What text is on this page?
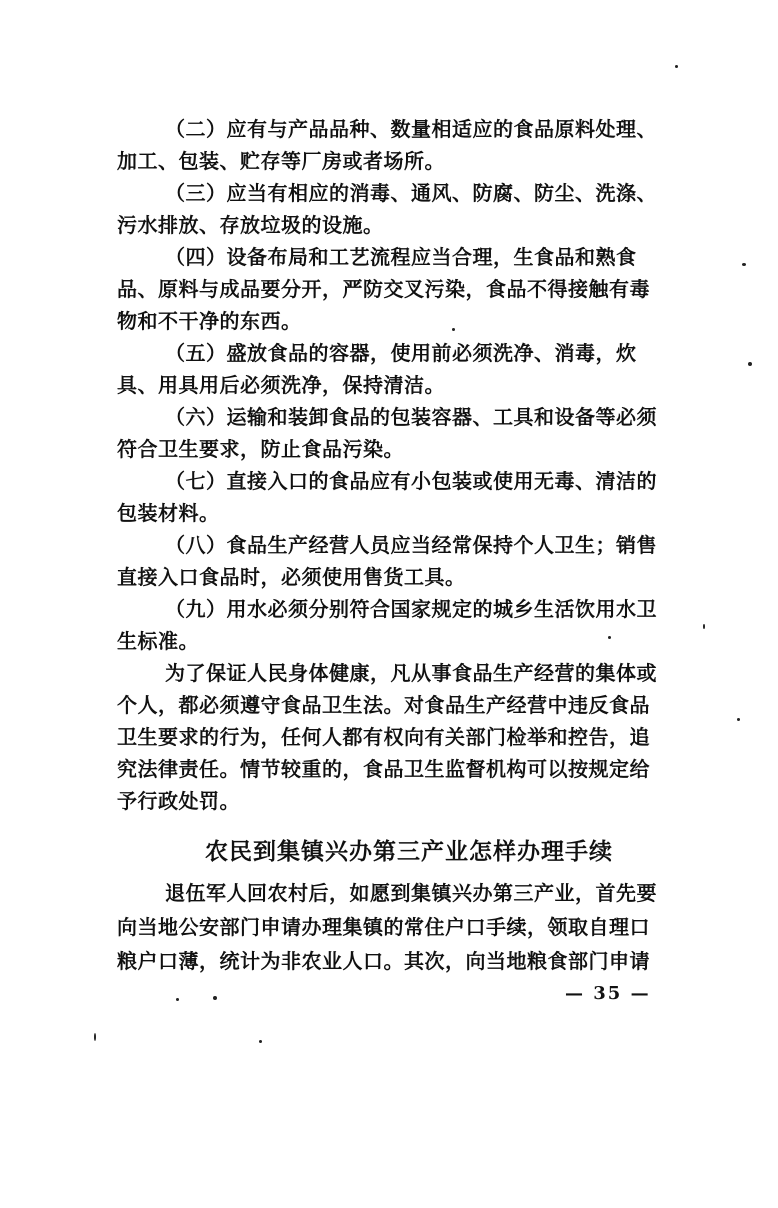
（二）应有与产品品种、数量相适应的食品原料处理、
加工、包装、贮存等厂房或者场所。
（三）应当有相应的消毒、通风、防腐、防尘、洗涤、
污水排放、存放垃圾的设施。
（四）设备布局和工艺流程应当合理，生食品和熟食
品、原料与成品要分开，严防交叉污染，食品不得接触有毒
物和不干净的东西。
（五）盛放食品的容器，使用前必须洗净、消毒，炊
具、用具用后必须洗净，保持清洁。
（六）运输和装卸食品的包装容器、工具和设备等必须
符合卫生要求，防止食品污染。
（七）直接入口的食品应有小包装或使用无毒、清洁的
包装材料。
（八）食品生产经营人员应当经常保持个人卫生；销售
直接入口食品时，必须使用售货工具。
（九）用水必须分别符合国家规定的城乡生活饮用水卫
生标准。
为了保证人民身体健康，凡从事食品生产经营的集体或
个人，都必须遵守食品卫生法。对食品生产经营中违反食品
卫生要求的行为，任何人都有权向有关部门检举和控告，追
究法律责任。情节较重的，食品卫生监督机构可以按规定给
予行政处罚。
农民到集镇兴办第三产业怎样办理手续
退伍军人回农村后，如愿到集镇兴办第三产业，首先要
向当地公安部门申请办理集镇的常住户口手续，领取自理口
粮户口薄，统计为非农业人口。其次，向当地粮食部门申请
— 35 —
